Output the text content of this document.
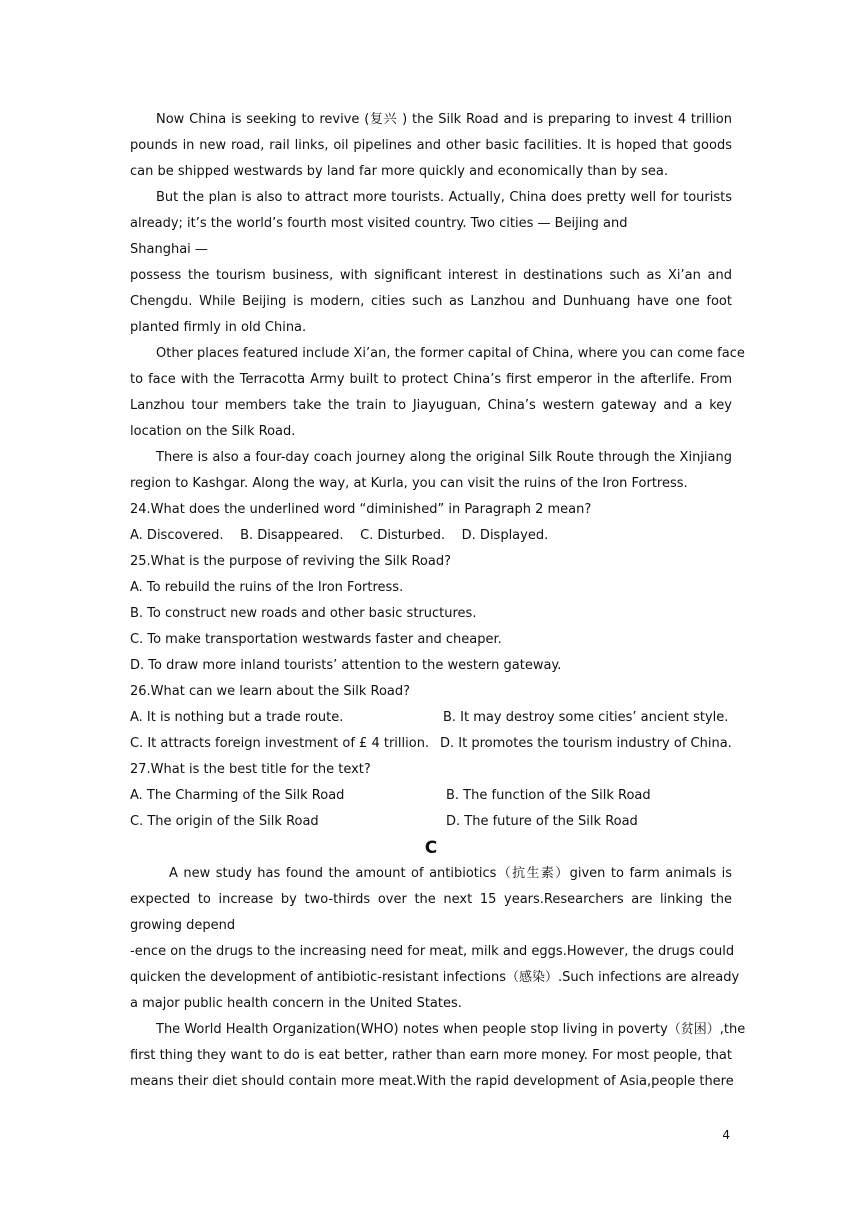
Now China is seeking to revive (复兴 ) the Silk Road and is preparing to invest 4 trillion
pounds in new road, rail links, oil pipelines and other basic facilities. It is hoped that goods
can be shipped westwards by land far more quickly and economically than by sea.
But the plan is also to attract more tourists. Actually, China does pretty well for tourists
already; it’s the world’s fourth most visited country. Two cities — Beijing and
Shanghai —
possess the tourism business, with significant interest in destinations such as Xi’an and
Chengdu. While Beijing is modern, cities such as Lanzhou and Dunhuang have one foot
planted firmly in old China.
Other places featured include Xi’an, the former capital of China, where you can come face
to face with the Terracotta Army built to protect China’s first emperor in the afterlife. From
Lanzhou tour members take the train to Jiayuguan, China’s western gateway and a key
location on the Silk Road.
There is also a four-day coach journey along the original Silk Route through the Xinjiang
region to Kashgar. Along the way, at Kurla, you can visit the ruins of the Iron Fortress.
24.What does the underlined word “diminished” in Paragraph 2 mean?
A. Discovered.    B. Disappeared.    C. Disturbed.    D. Displayed.
25.What is the purpose of reviving the Silk Road?
A. To rebuild the ruins of the Iron Fortress.
B. To construct new roads and other basic structures.
C. To make transportation westwards faster and cheaper.
D. To draw more inland tourists’ attention to the western gateway.
26.What can we learn about the Silk Road?
A. It is nothing but a trade route.	B. It may destroy some cities’ ancient style.
C. It attracts foreign investment of £ 4 trillion. D. It promotes the tourism industry of China.
27.What is the best title for the text?
A. The Charming of the Silk Road	B. The function of the Silk Road
C. The origin of the Silk Road	D. The future of the Silk Road
C
A new study has found the amount of antibiotics（抗生素）given to farm animals is
expected to increase by two-thirds over the next 15 years.Researchers are linking the
growing depend
-ence on the drugs to the increasing need for meat, milk and eggs.However, the drugs could
quicken the development of antibiotic-resistant infections（感染）.Such infections are already
a major public health concern in the United States.
The World Health Organization(WHO) notes when people stop living in poverty（贫困）,the
first thing they want to do is eat better, rather than earn more money. For most people, that
means their diet should contain more meat.With the rapid development of Asia,people there
4
